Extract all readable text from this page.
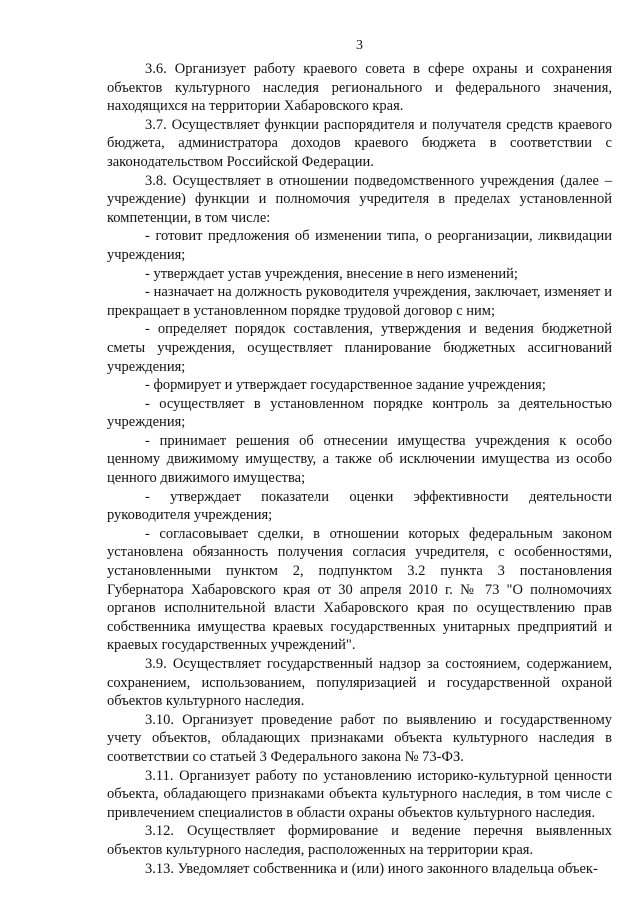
3

3.6. Организует работу краевого совета в сфере охраны и сохранения объектов культурного наследия регионального и федерального значения, находящихся на территории Хабаровского края.

3.7. Осуществляет функции распорядителя и получателя средств краевого бюджета, администратора доходов краевого бюджета в соответствии с законодательством Российской Федерации.

3.8. Осуществляет в отношении подведомственного учреждения (далее – учреждение) функции и полномочия учредителя в пределах установленной компетенции, в том числе:

- готовит предложения об изменении типа, о реорганизации, ликвидации учреждения;

- утверждает устав учреждения, внесение в него изменений;

- назначает на должность руководителя учреждения, заключает, изменяет и прекращает в установленном порядке трудовой договор с ним;

- определяет порядок составления, утверждения и ведения бюджетной сметы учреждения, осуществляет планирование бюджетных ассигнований учреждения;

- формирует и утверждает государственное задание учреждения;

- осуществляет в установленном порядке контроль за деятельностью учреждения;

- принимает решения об отнесении имущества учреждения к особо ценному движимому имуществу, а также об исключении имущества из особо ценного движимого имущества;

- утверждает показатели оценки эффективности деятельности руководителя учреждения;

- согласовывает сделки, в отношении которых федеральным законом установлена обязанность получения согласия учредителя, с особенностями, установленными пунктом 2, подпунктом 3.2 пункта 3 постановления Губернатора Хабаровского края от 30 апреля 2010 г. № 73 "О полномочиях органов исполнительной власти Хабаровского края по осуществлению прав собственника имущества краевых государственных унитарных предприятий и краевых государственных учреждений".

3.9. Осуществляет государственный надзор за состоянием, содержанием, сохранением, использованием, популяризацией и государственной охраной объектов культурного наследия.

3.10. Организует проведение работ по выявлению и государственному учету объектов, обладающих признаками объекта культурного наследия в соответствии со статьей 3 Федерального закона № 73-ФЗ.

3.11. Организует работу по установлению историко-культурной ценности объекта, обладающего признаками объекта культурного наследия, в том числе с привлечением специалистов в области охраны объектов культурного наследия.

3.12. Осуществляет формирование и ведение перечня выявленных объектов культурного наследия, расположенных на территории края.

3.13. Уведомляет собственника и (или) иного законного владельца объек-
